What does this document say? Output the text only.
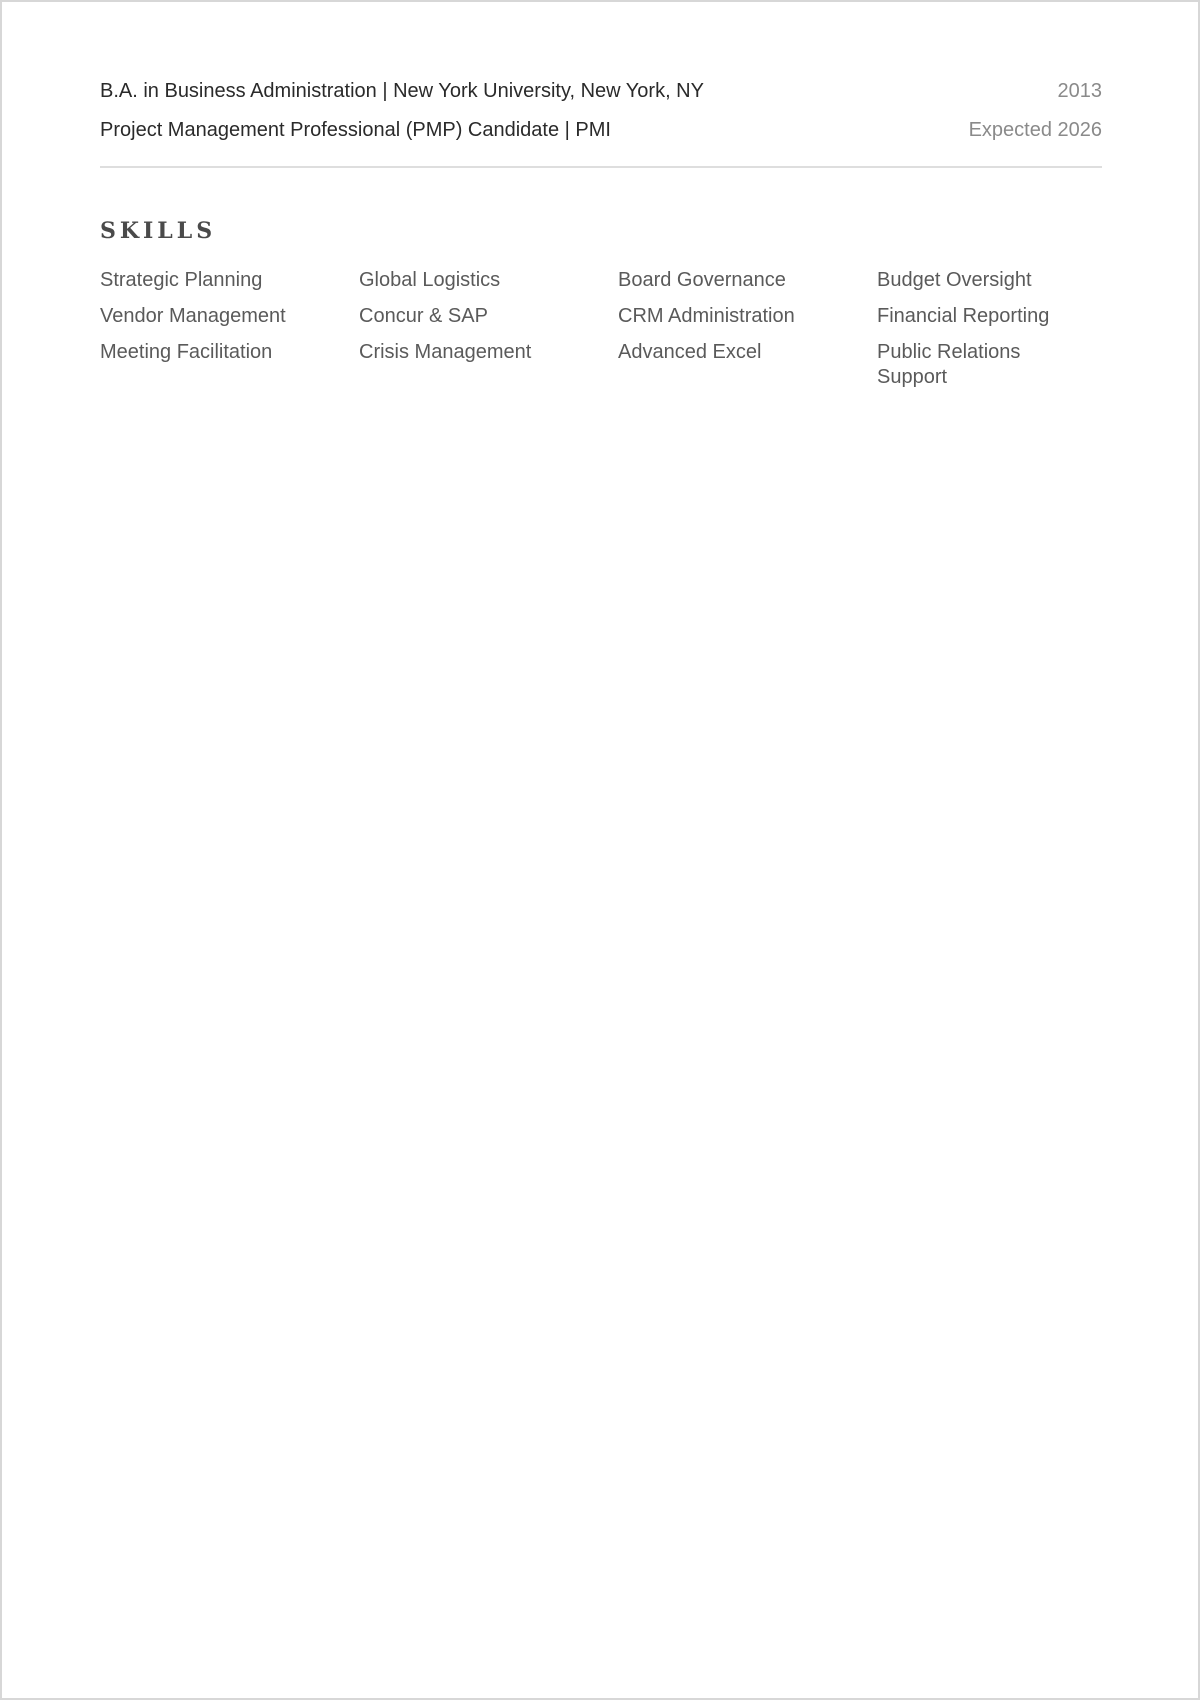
B.A. in Business Administration | New York University, New York, NY	2013
Project Management Professional (PMP) Candidate | PMI	Expected 2026
SKILLS
Strategic Planning	Global Logistics	Board Governance	Budget Oversight
Vendor Management	Concur & SAP	CRM Administration	Financial Reporting
Meeting Facilitation	Crisis Management	Advanced Excel	Public Relations Support
